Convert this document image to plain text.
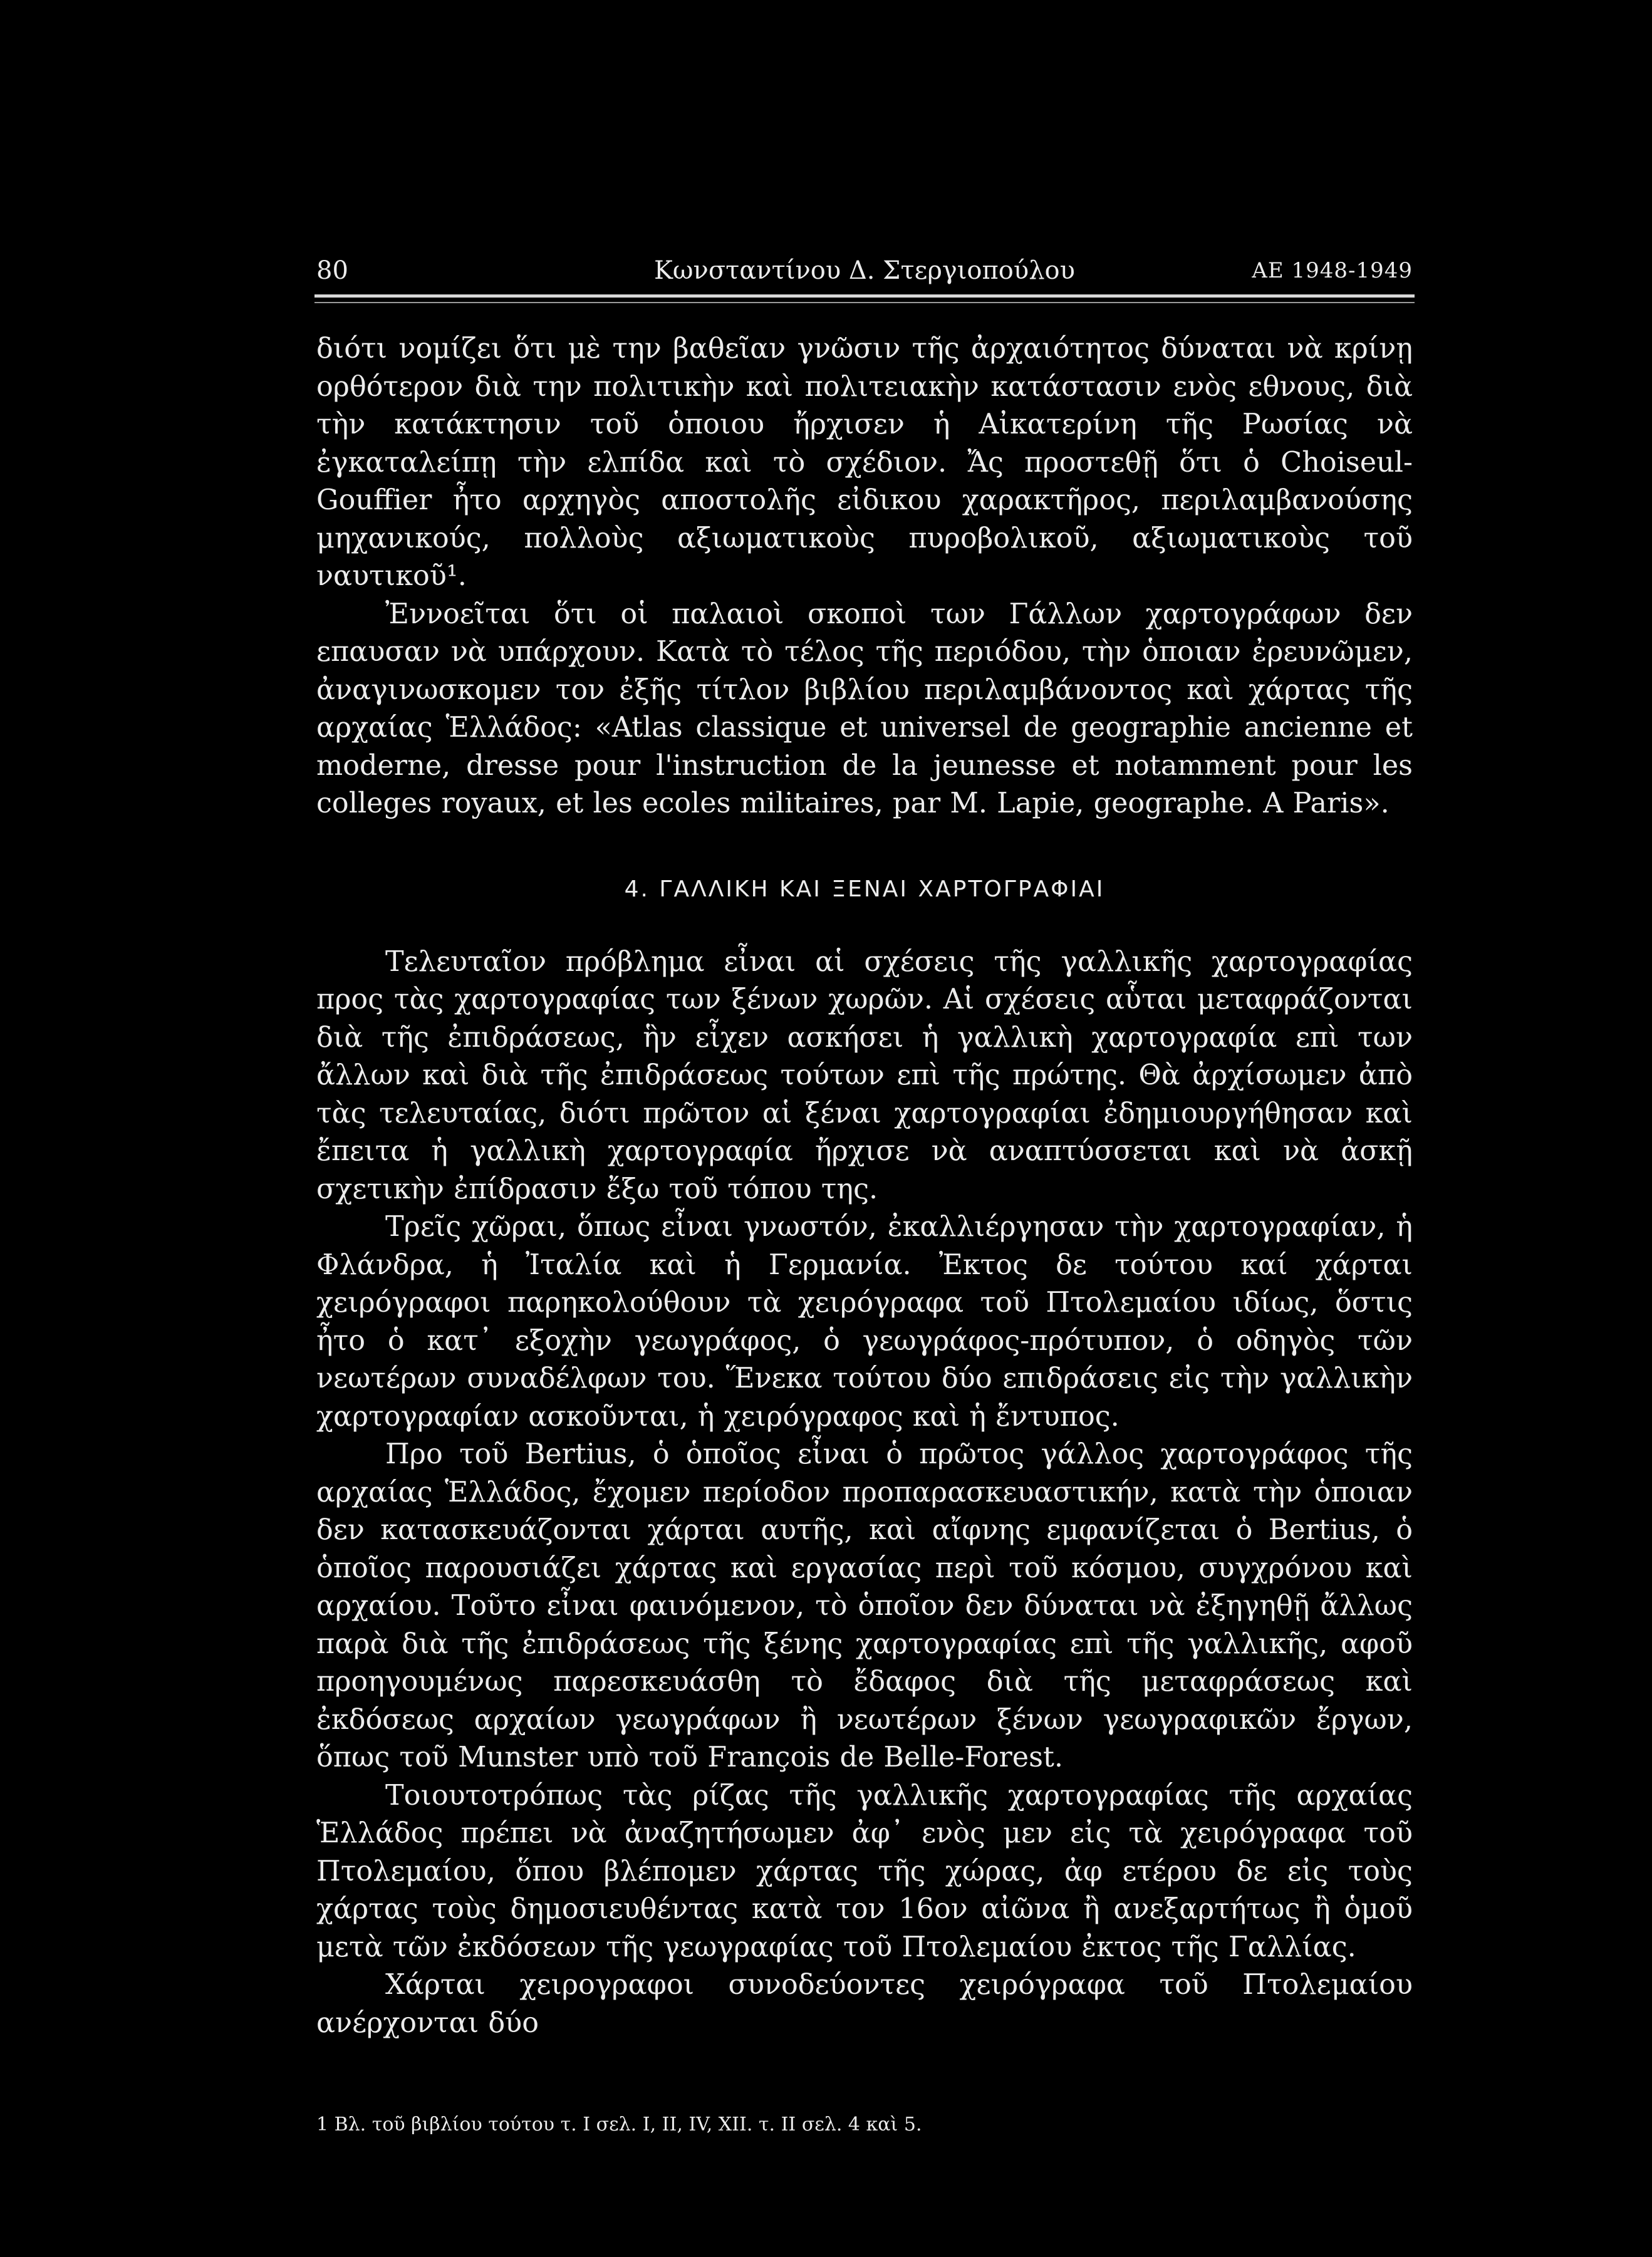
80	Κωνσταντίνου Δ. Στεργιοπούλου	ΑΕ 1948-1949

διότι νομίζει ὅτι μὲ την βαθεῖαν γνῶσιν τῆς ἀρχαιότητος δύναται νὰ κρίνῃ ορθότερον διὰ την πολιτικὴν καὶ πολιτειακὴν κατάστασιν ενὸς εθνους, διὰ τὴν κατάκτησιν τοῦ ὁποιου ἤρχισεν ἡ Αἰκατερίνη τῆς Ρωσίας νὰ ἐγκαταλείπῃ τὴν ελπίδα καὶ τὸ σχέδιον. Ἄς προστεθῇ ὅτι ὁ Choiseul-Gouffier ἦτο αρχηγὸς αποστολῆς εἰδικου χαρακτῆρος, περιλαμβανούσης μηχανικούς, πολλοὺς αξιωματικοὺς πυροβολικοῦ, αξιωματικοὺς τοῦ ναυτικοῦ¹.

Ἐννοεῖται ὅτι οἱ παλαιοὶ σκοποὶ των Γάλλων χαρτογράφων δεν επαυσαν νὰ υπάρχουν. Κατὰ τὸ τέλος τῆς περιόδου, τὴν ὁποιαν ἐρευνῶμεν, ἀναγινωσκομεν τον ἐξῆς τίτλον βιβλίου περιλαμβάνοντος καὶ χάρτας τῆς αρχαίας Ἑλλάδος: «Atlas classique et universel de geographie ancienne et moderne, dresse pour l'instruction de la jeunesse et notamment pour les colleges royaux, et les ecoles militaires, par M. Lapie, geographe. A Paris».

4. ΓΑΛΛΙΚΗ ΚΑΙ ΞΕΝΑΙ ΧΑΡΤΟΓΡΑΦΙΑΙ

Τελευταῖον πρόβλημα εἶναι αἱ σχέσεις τῆς γαλλικῆς χαρτογραφίας προς τὰς χαρτογραφίας των ξένων χωρῶν. Αἱ σχέσεις αὗται μεταφράζονται διὰ τῆς ἐπιδράσεως, ἣν εἶχεν ασκήσει ἡ γαλλικὴ χαρτογραφία επὶ των ἄλλων καὶ διὰ τῆς ἐπιδράσεως τούτων επὶ τῆς πρώτης. Θὰ ἀρχίσωμεν ἀπὸ τὰς τελευταίας, διότι πρῶτον αἱ ξέναι χαρτογραφίαι ἐδημιουργήθησαν καὶ ἔπειτα ἡ γαλλικὴ χαρτογραφία ἤρχισε νὰ αναπτύσσεται καὶ νὰ ἀσκῇ σχετικὴν ἐπίδρασιν ἔξω τοῦ τόπου της.

Τρεῖς χῶραι, ὅπως εἶναι γνωστόν, ἐκαλλιέργησαν τὴν χαρτογραφίαν, ἡ Φλάνδρα, ἡ Ἰταλία καὶ ἡ Γερμανία. Ἐκτος δε τούτου καί χάρται χειρόγραφοι παρηκολούθουν τὰ χειρόγραφα τοῦ Πτολεμαίου ιδίως, ὅστις ἦτο ὁ κατ᾽ εξοχὴν γεωγράφος, ὁ γεωγράφος-πρότυπον, ὁ οδηγὸς τῶν νεωτέρων συναδέλφων του. Ἕνεκα τούτου δύο επιδράσεις εἰς τὴν γαλλικὴν χαρτογραφίαν ασκοῦνται, ἡ χειρόγραφος καὶ ἡ ἔντυπος.

Προ τοῦ Bertius, ὁ ὁποῖος εἶναι ὁ πρῶτος γάλλος χαρτογράφος τῆς αρχαίας Ἑλλάδος, ἔχομεν περίοδον προπαρασκευαστικήν, κατὰ τὴν ὁποιαν δεν κατασκευάζονται χάρται αυτῆς, καὶ αἴφνης εμφανίζεται ὁ Bertius, ὁ ὁποῖος παρουσιάζει χάρτας καὶ εργασίας περὶ τοῦ κόσμου, συγχρόνου καὶ αρχαίου. Τοῦτο εἶναι φαινόμενον, τὸ ὁποῖον δεν δύναται νὰ ἐξηγηθῇ ἄλλως παρὰ διὰ τῆς ἐπιδράσεως τῆς ξένης χαρτογραφίας επὶ τῆς γαλλικῆς, αφοῦ προηγουμένως παρεσκευάσθη τὸ ἔδαφος διὰ τῆς μεταφράσεως καὶ ἐκδόσεως αρχαίων γεωγράφων ἢ νεωτέρων ξένων γεωγραφικῶν ἔργων, ὅπως τοῦ Munster υπὸ τοῦ François de Belle-Forest.

Τοιουτοτρόπως τὰς ρίζας τῆς γαλλικῆς χαρτογραφίας τῆς αρχαίας Ἑλλάδος πρέπει νὰ ἀναζητήσωμεν ἀφ᾽ ενὸς μεν εἰς τὰ χειρόγραφα τοῦ Πτολεμαίου, ὅπου βλέπομεν χάρτας τῆς χώρας, ἀφ ετέρου δε εἰς τοὺς χάρτας τοὺς δημοσιευθέντας κατὰ τον 16ον αἰῶνα ἢ ανεξαρτήτως ἢ ὁμοῦ μετὰ τῶν ἐκδόσεων τῆς γεωγραφίας τοῦ Πτολεμαίου ἐκτος τῆς Γαλλίας.

Χάρται χειρογραφοι συνοδεύοντες χειρόγραφα τοῦ Πτολεμαίου ανέρχονται δύο

1 Βλ. τοῦ βιβλίου τούτου τ. Ι σελ. I, II, IV, XII. τ. II σελ. 4 καὶ 5.
